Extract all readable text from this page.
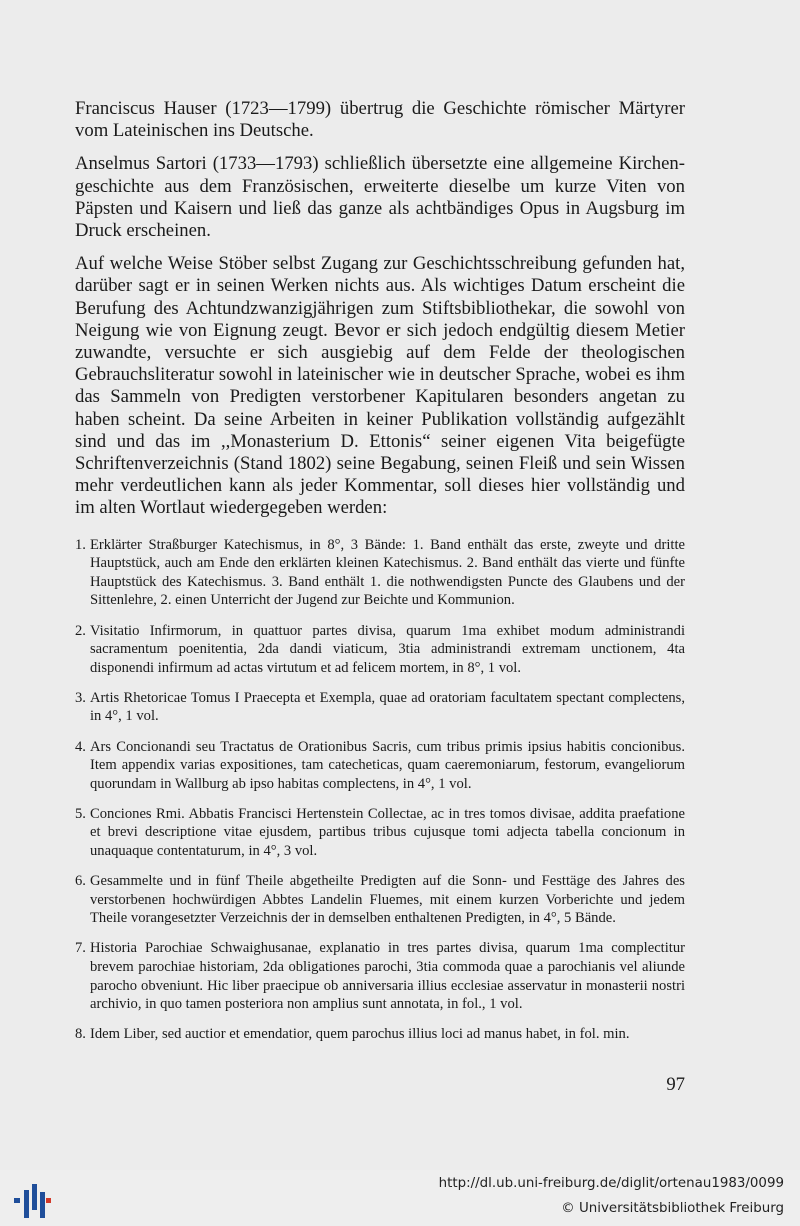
Franciscus Hauser (1723—1799) übertrug die Geschichte römischer Märtyrer vom Lateinischen ins Deutsche.

Anselmus Sartori (1733—1793) schließlich übersetzte eine allgemeine Kirchengeschichte aus dem Französischen, erweiterte dieselbe um kurze Viten von Päpsten und Kaisern und ließ das ganze als achtbändiges Opus in Augsburg im Druck erscheinen.

Auf welche Weise Stöber selbst Zugang zur Geschichtsschreibung gefunden hat, darüber sagt er in seinen Werken nichts aus. Als wichtiges Datum erscheint die Berufung des Achtundzwanzigjährigen zum Stiftsbibliothekar, die sowohl von Neigung wie von Eignung zeugt. Bevor er sich jedoch endgültig diesem Metier zuwandte, versuchte er sich ausgiebig auf dem Felde der theologischen Gebrauchsliteratur sowohl in lateinischer wie in deutscher Sprache, wobei es ihm das Sammeln von Predigten verstorbener Kapitularen besonders angetan zu haben scheint. Da seine Arbeiten in keiner Publikation vollständig aufgezählt sind und das im ,,Monasterium D. Ettonis“ seiner eigenen Vita beigefügte Schriftenverzeichnis (Stand 1802) seine Begabung, seinen Fleiß und sein Wissen mehr verdeutlichen kann als jeder Kommentar, soll dieses hier vollständig und im alten Wortlaut wiedergegeben werden:

1. Erklärter Straßburger Katechismus, in 8°, 3 Bände: 1. Band enthält das erste, zweyte und dritte Hauptstück, auch am Ende den erklärten kleinen Katechismus. 2. Band enthält das vierte und fünfte Hauptstück des Katechismus. 3. Band enthält 1. die nothwendigsten Puncte des Glaubens und der Sittenlehre, 2. einen Unterricht der Jugend zur Beichte und Kommunion.
2. Visitatio Infirmorum, in quattuor partes divisa, quarum 1ma exhibet modum administrandi sacramentum poenitentia, 2da dandi viaticum, 3tia administrandi extremam unctionem, 4ta disponendi infirmum ad actas virtutum et ad felicem mortem, in 8°, 1 vol.
3. Artis Rhetoricae Tomus I Praecepta et Exempla, quae ad oratoriam facultatem spectant complectens, in 4°, 1 vol.
4. Ars Concionandi seu Tractatus de Orationibus Sacris, cum tribus primis ipsius habitis concionibus. Item appendix varias expositiones, tam catecheticas, quam caeremoniarum, festorum, evangeliorum quorundam in Wallburg ab ipso habitas complectens, in 4°, 1 vol.
5. Conciones Rmi. Abbatis Francisci Hertenstein Collectae, ac in tres tomos divisae, addita praefatione et brevi descriptione vitae ejusdem, partibus tribus cujusque tomi adjecta tabella concionum in unaquaque contentaturum, in 4°, 3 vol.
6. Gesammelte und in fünf Theile abgetheilte Predigten auf die Sonn- und Festtäge des Jahres des verstorbenen hochwürdigen Abbtes Landelin Fluemes, mit einem kurzen Vorberichte und jedem Theile vorangesetzter Verzeichnis der in demselben enthaltenen Predigten, in 4°, 5 Bände.
7. Historia Parochiae Schwaighusanae, explanatio in tres partes divisa, quarum 1ma complectitur brevem parochiae historiam, 2da obligationes parochi, 3tia commoda quae a parochianis vel aliunde parocho obveniunt. Hic liber praecipue ob anniversaria illius ecclesiae asservatur in monasterii nostri archivio, in quo tamen posteriora non amplius sunt annotata, in fol., 1 vol.
8. Idem Liber, sed auctior et emendatior, quem parochus illius loci ad manus habet, in fol. min.
97
http://dl.ub.uni-freiburg.de/diglit/ortenau1983/0099
© Universitätsbibliothek Freiburg
